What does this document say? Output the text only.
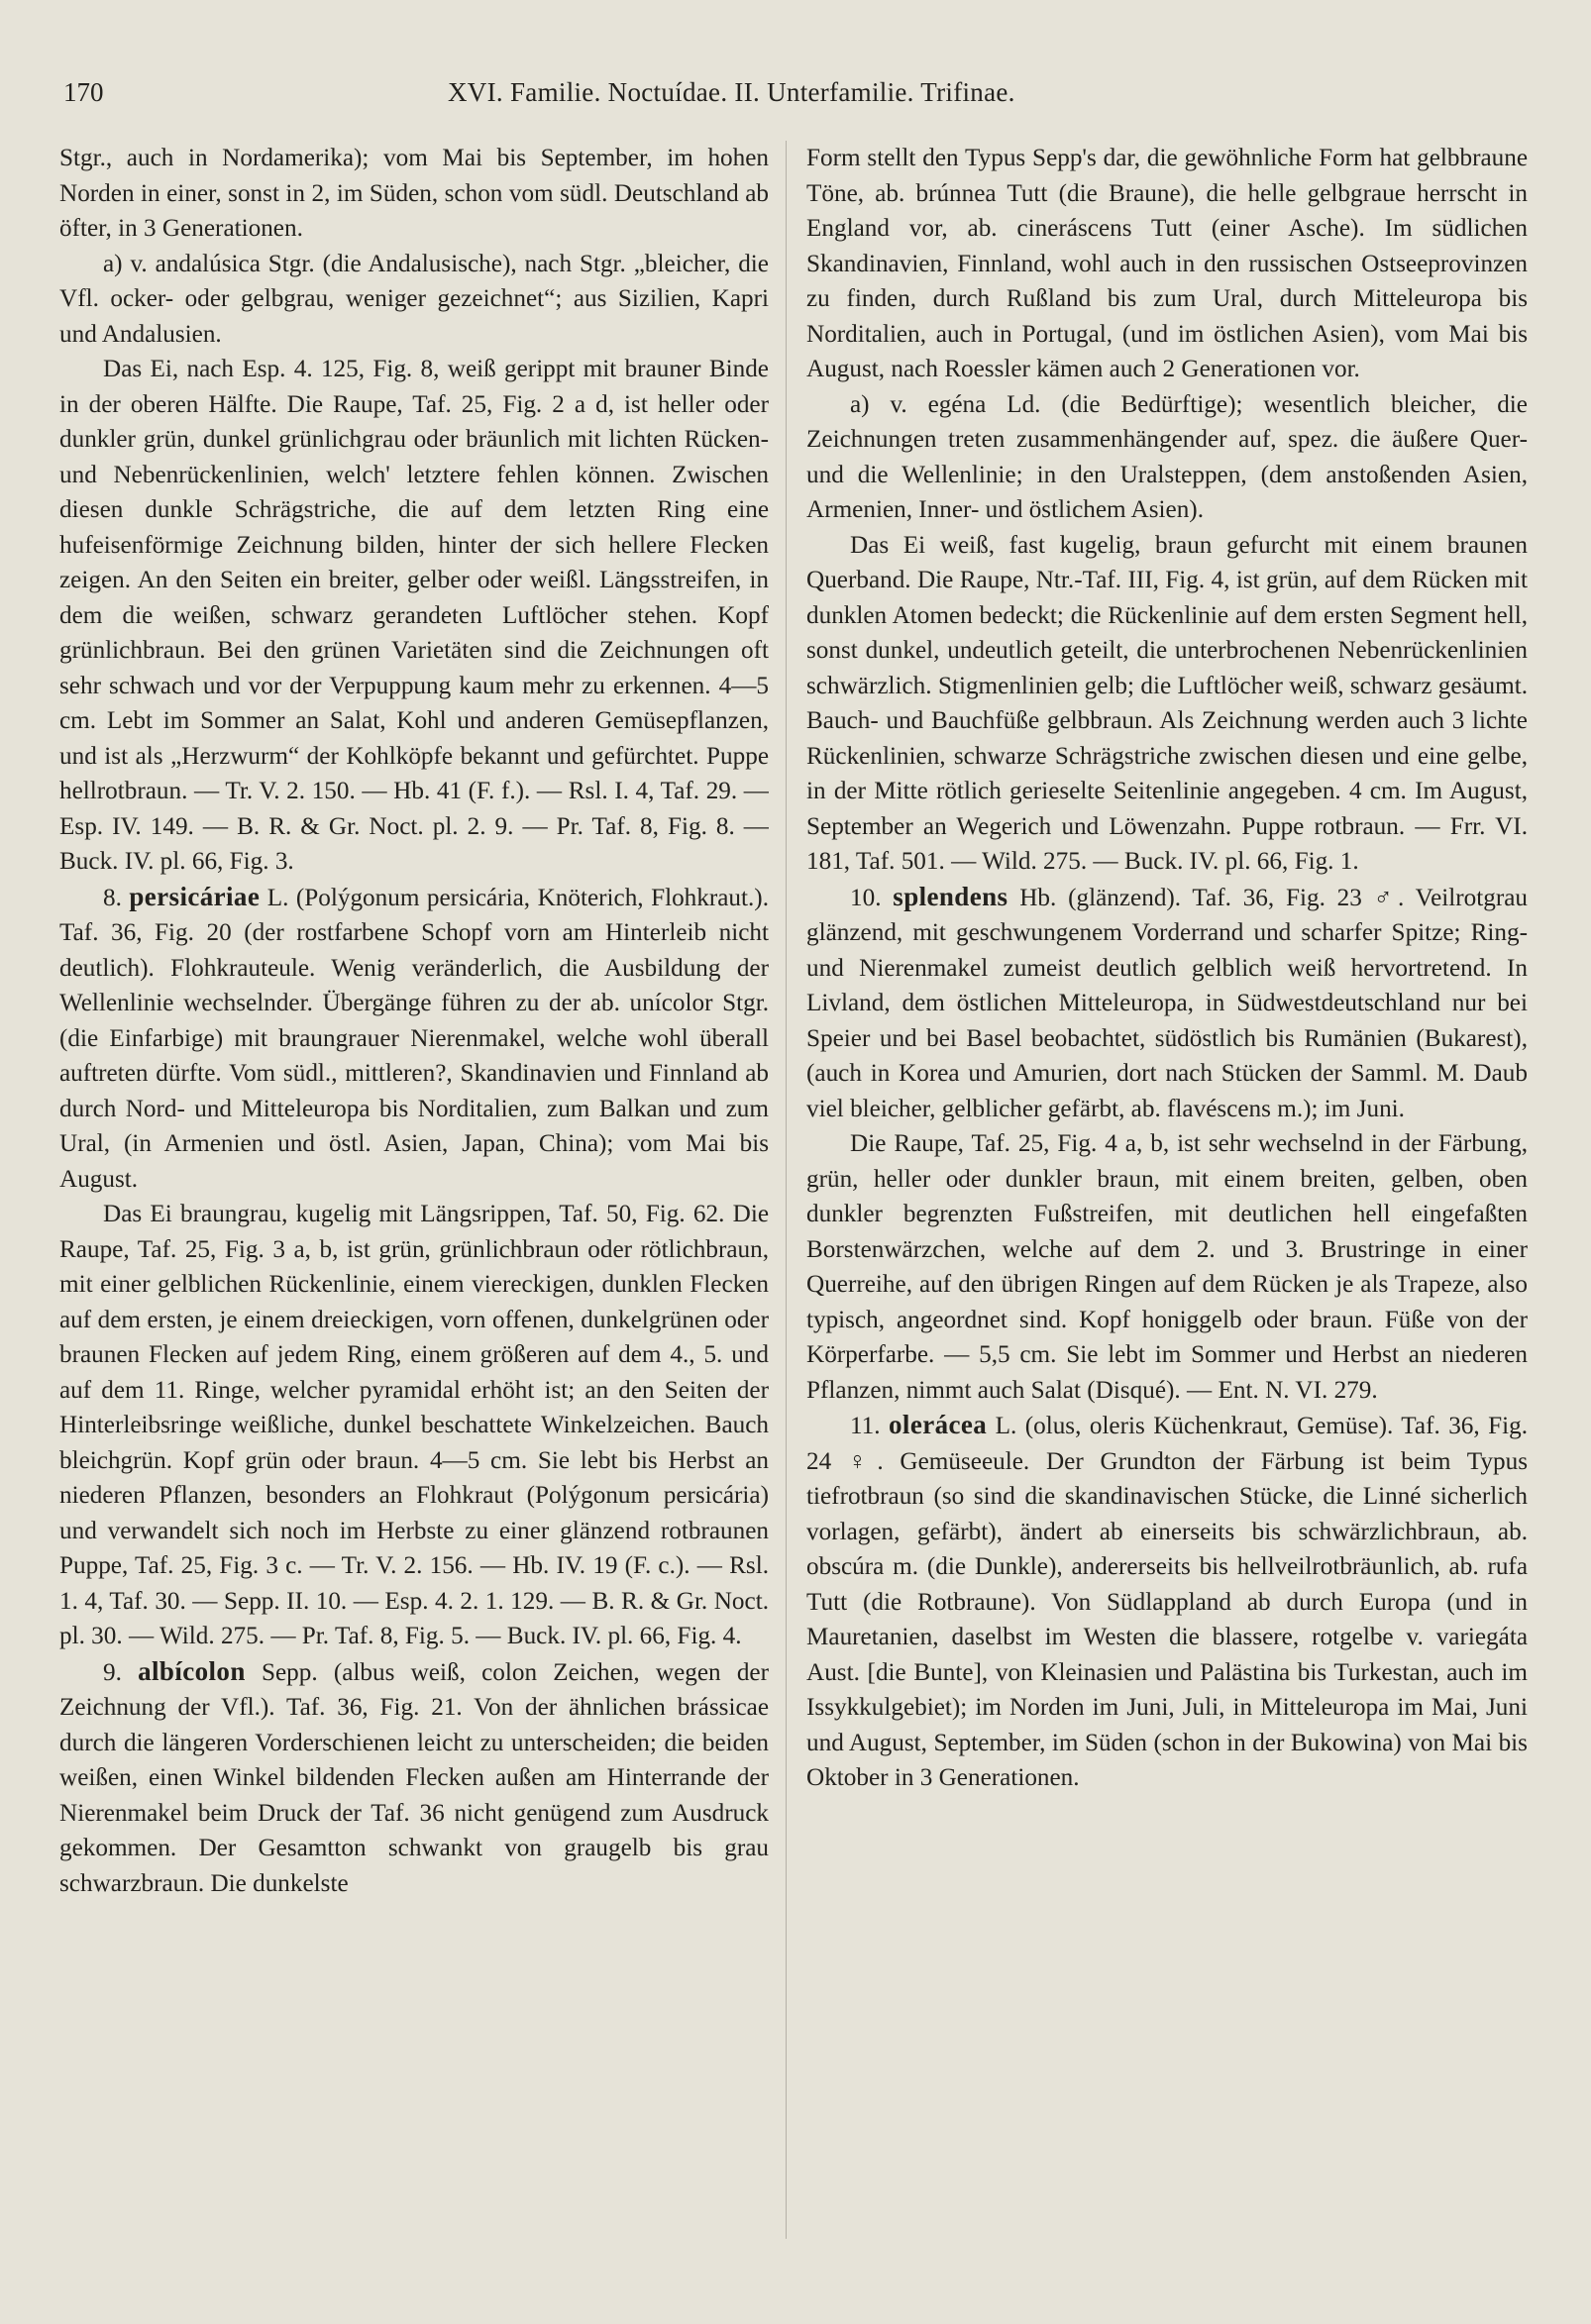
170	XVI. Familie. Noctuídae. II. Unterfamilie. Trifinae.

Stgr., auch in Nordamerika); vom Mai bis September, im hohen Norden in einer, sonst in 2, im Süden, schon vom südl. Deutschland ab öfter, in 3 Generationen.

a) v. andalúsica Stgr. (die Andalusische), nach Stgr. „bleicher, die Vfl. ocker- oder gelbgrau, weniger gezeichnet“; aus Sizilien, Kapri und Andalusien.

Das Ei, nach Esp. 4. 125, Fig. 8, weiß gerippt mit brauner Binde in der oberen Hälfte. Die Raupe, Taf. 25, Fig. 2 a d, ist heller oder dunkler grün, dunkel grünlichgrau oder bräunlich mit lichten Rücken- und Nebenrückenlinien, welch' letztere fehlen können. Zwischen diesen dunkle Schrägstriche, die auf dem letzten Ring eine hufeisenförmige Zeichnung bilden, hinter der sich hellere Flecken zeigen. An den Seiten ein breiter, gelber oder weißl. Längsstreifen, in dem die weißen, schwarz gerandeten Luftlöcher stehen. Kopf grünlichbraun. Bei den grünen Varietäten sind die Zeichnungen oft sehr schwach und vor der Verpuppung kaum mehr zu erkennen. 4—5 cm. Lebt im Sommer an Salat, Kohl und anderen Gemüsepflanzen, und ist als „Herzwurm“ der Kohlköpfe bekannt und gefürchtet. Puppe hellrotbraun. — Tr. V. 2. 150. — Hb. 41 (F. f.). — Rsl. I. 4, Taf. 29. — Esp. IV. 149. — B. R. & Gr. Noct. pl. 2. 9. — Pr. Taf. 8, Fig. 8. — Buck. IV. pl. 66, Fig. 3.

8. persicáriae L. (Polýgonum persicária, Knöterich, Flohkraut.). Taf. 36, Fig. 20 (der rostfarbene Schopf vorn am Hinterleib nicht deutlich). Flohkrauteule. Wenig veränderlich, die Ausbildung der Wellenlinie wechselnder. Übergänge führen zu der ab. unícolor Stgr. (die Einfarbige) mit braungrauer Nierenmakel, welche wohl überall auftreten dürfte. Vom südl., mittleren?, Skandinavien und Finnland ab durch Nord- und Mitteleuropa bis Norditalien, zum Balkan und zum Ural, (in Armenien und östl. Asien, Japan, China); vom Mai bis August.

Das Ei braungrau, kugelig mit Längsrippen, Taf. 50, Fig. 62. Die Raupe, Taf. 25, Fig. 3 a, b, ist grün, grünlichbraun oder rötlichbraun, mit einer gelblichen Rückenlinie, einem viereckigen, dunklen Flecken auf dem ersten, je einem dreieckigen, vorn offenen, dunkelgrünen oder braunen Flecken auf jedem Ring, einem größeren auf dem 4., 5. und auf dem 11. Ringe, welcher pyramidal erhöht ist; an den Seiten der Hinterleibsringe weißliche, dunkel beschattete Winkelzeichen. Bauch bleichgrün. Kopf grün oder braun. 4—5 cm. Sie lebt bis Herbst an niederen Pflanzen, besonders an Flohkraut (Polýgonum persicária) und verwandelt sich noch im Herbste zu einer glänzend rotbraunen Puppe, Taf. 25, Fig. 3 c. — Tr. V. 2. 156. — Hb. IV. 19 (F. c.). — Rsl. 1. 4, Taf. 30. — Sepp. II. 10. — Esp. 4. 2. 1. 129. — B. R. & Gr. Noct. pl. 30. — Wild. 275. — Pr. Taf. 8, Fig. 5. — Buck. IV. pl. 66, Fig. 4.

9. albícolon Sepp. (albus weiß, colon Zeichen, wegen der Zeichnung der Vfl.). Taf. 36, Fig. 21. Von der ähnlichen brássicae durch die längeren Vorderschienen leicht zu unterscheiden; die beiden weißen, einen Winkel bildenden Flecken außen am Hinterrande der Nierenmakel beim Druck der Taf. 36 nicht genügend zum Ausdruck gekommen. Der Gesamtton schwankt von graugelb bis grau schwarzbraun. Die dunkelste

Form stellt den Typus Sepp's dar, die gewöhnliche Form hat gelbbraune Töne, ab. brúnnea Tutt (die Braune), die helle gelbgraue herrscht in England vor, ab. cineráscens Tutt (einer Asche). Im südlichen Skandinavien, Finnland, wohl auch in den russischen Ostseeprovinzen zu finden, durch Rußland bis zum Ural, durch Mitteleuropa bis Norditalien, auch in Portugal, (und im östlichen Asien), vom Mai bis August, nach Roessler kämen auch 2 Generationen vor.

a) v. egéna Ld. (die Bedürftige); wesentlich bleicher, die Zeichnungen treten zusammenhängender auf, spez. die äußere Quer- und die Wellenlinie; in den Uralsteppen, (dem anstoßenden Asien, Armenien, Inner- und östlichem Asien).

Das Ei weiß, fast kugelig, braun gefurcht mit einem braunen Querband. Die Raupe, Ntr.-Taf. III, Fig. 4, ist grün, auf dem Rücken mit dunklen Atomen bedeckt; die Rückenlinie auf dem ersten Segment hell, sonst dunkel, undeutlich geteilt, die unterbrochenen Nebenrückenlinien schwärzlich. Stigmenlinien gelb; die Luftlöcher weiß, schwarz gesäumt. Bauch- und Bauchfüße gelbbraun. Als Zeichnung werden auch 3 lichte Rückenlinien, schwarze Schrägstriche zwischen diesen und eine gelbe, in der Mitte rötlich gerieselte Seitenlinie angegeben. 4 cm. Im August, September an Wegerich und Löwenzahn. Puppe rotbraun. — Frr. VI. 181, Taf. 501. — Wild. 275. — Buck. IV. pl. 66, Fig. 1.

10. splendens Hb. (glänzend). Taf. 36, Fig. 23 ♂. Veilrotgrau glänzend, mit geschwungenem Vorderrand und scharfer Spitze; Ring- und Nierenmakel zumeist deutlich gelblich weiß hervortretend. In Livland, dem östlichen Mitteleuropa, in Südwestdeutschland nur bei Speier und bei Basel beobachtet, südöstlich bis Rumänien (Bukarest), (auch in Korea und Amurien, dort nach Stücken der Samml. M. Daub viel bleicher, gelblicher gefärbt, ab. flavéscens m.); im Juni.

Die Raupe, Taf. 25, Fig. 4 a, b, ist sehr wechselnd in der Färbung, grün, heller oder dunkler braun, mit einem breiten, gelben, oben dunkler begrenzten Fußstreifen, mit deutlichen hell eingefaßten Borstenwärzchen, welche auf dem 2. und 3. Brustringe in einer Querreihe, auf den übrigen Ringen auf dem Rücken je als Trapeze, also typisch, angeordnet sind. Kopf honiggelb oder braun. Füße von der Körperfarbe. — 5,5 cm. Sie lebt im Sommer und Herbst an niederen Pflanzen, nimmt auch Salat (Disqué). — Ent. N. VI. 279.

11. olerácea L. (olus, oleris Küchenkraut, Gemüse). Taf. 36, Fig. 24 ♀. Gemüseeule. Der Grundton der Färbung ist beim Typus tiefrotbraun (so sind die skandinavischen Stücke, die Linné sicherlich vorlagen, gefärbt), ändert ab einerseits bis schwärzlichbraun, ab. obscúra m. (die Dunkle), andererseits bis hellveilrotbräunlich, ab. rufa Tutt (die Rotbraune). Von Südlappland ab durch Europa (und in Mauretanien, daselbst im Westen die blassere, rotgelbe v. variegáta Aust. [die Bunte], von Kleinasien und Palästina bis Turkestan, auch im Issykkulgebiet); im Norden im Juni, Juli, in Mitteleuropa im Mai, Juni und August, September, im Süden (schon in der Bukowina) von Mai bis Oktober in 3 Generationen.
